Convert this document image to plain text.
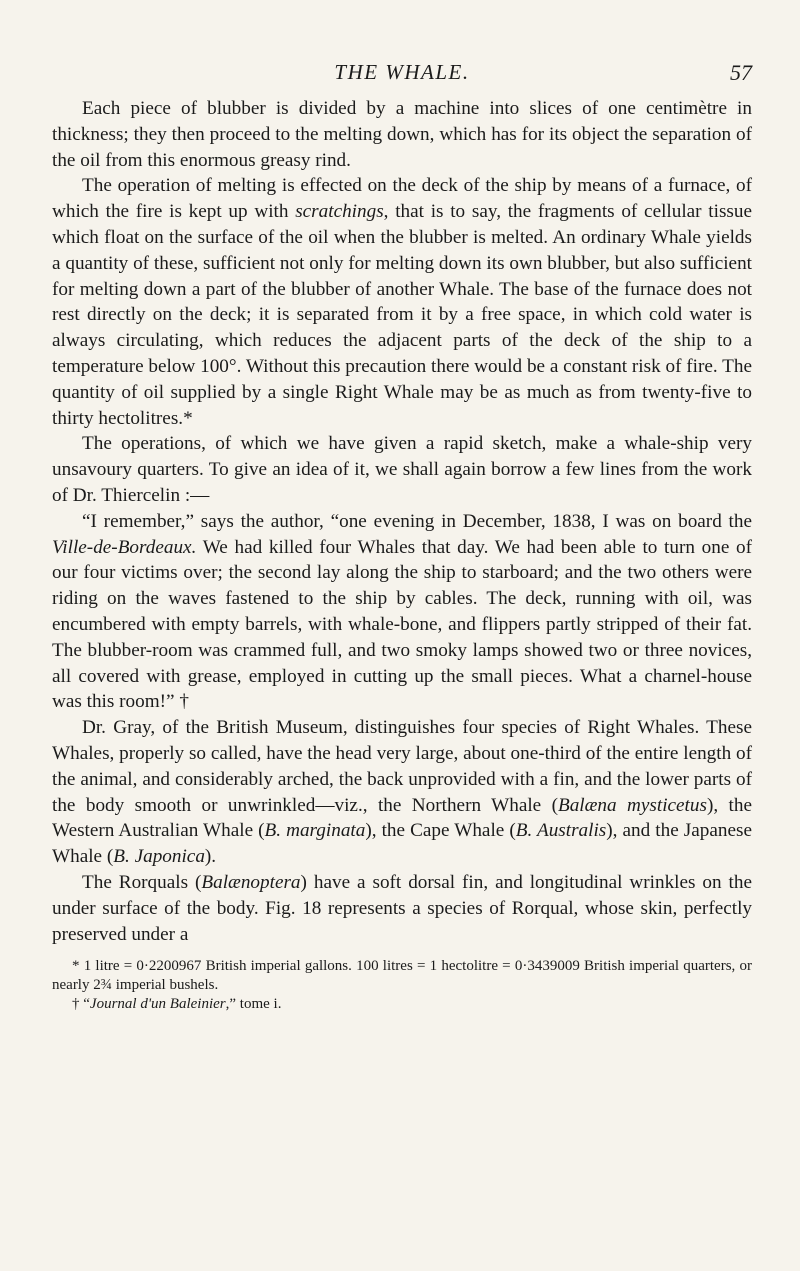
THE WHALE.	57

Each piece of blubber is divided by a machine into slices of one centimètre in thickness; they then proceed to the melting down, which has for its object the separation of the oil from this enormous greasy rind.

The operation of melting is effected on the deck of the ship by means of a furnace, of which the fire is kept up with scratchings, that is to say, the fragments of cellular tissue which float on the surface of the oil when the blubber is melted. An ordinary Whale yields a quantity of these, sufficient not only for melting down its own blubber, but also sufficient for melting down a part of the blubber of another Whale. The base of the furnace does not rest directly on the deck; it is separated from it by a free space, in which cold water is always circulating, which reduces the adjacent parts of the deck of the ship to a temperature below 100°. Without this precaution there would be a constant risk of fire. The quantity of oil supplied by a single Right Whale may be as much as from twenty-five to thirty hectolitres.*

The operations, of which we have given a rapid sketch, make a whale-ship very unsavoury quarters. To give an idea of it, we shall again borrow a few lines from the work of Dr. Thiercelin :—

“I remember,” says the author, “one evening in December, 1838, I was on board the Ville-de-Bordeaux. We had killed four Whales that day. We had been able to turn one of our four victims over; the second lay along the ship to starboard; and the two others were riding on the waves fastened to the ship by cables. The deck, running with oil, was encumbered with empty barrels, with whale-bone, and flippers partly stripped of their fat. The blubber-room was crammed full, and two smoky lamps showed two or three novices, all covered with grease, employed in cutting up the small pieces. What a charnel-house was this room!” †

Dr. Gray, of the British Museum, distinguishes four species of Right Whales. These Whales, properly so called, have the head very large, about one-third of the entire length of the animal, and considerably arched, the back unprovided with a fin, and the lower parts of the body smooth or unwrinkled—viz., the Northern Whale (Balæna mysticetus), the Western Australian Whale (B. marginata), the Cape Whale (B. Australis), and the Japanese Whale (B. Japonica).

The Rorquals (Balænoptera) have a soft dorsal fin, and longitudinal wrinkles on the under surface of the body. Fig. 18 represents a species of Rorqual, whose skin, perfectly preserved under a

* 1 litre = 0·2200967 British imperial gallons. 100 litres = 1 hectolitre = 0·3439009 British imperial quarters, or nearly 2¾ imperial bushels.

† “Journal d'un Baleinier,” tome i.
